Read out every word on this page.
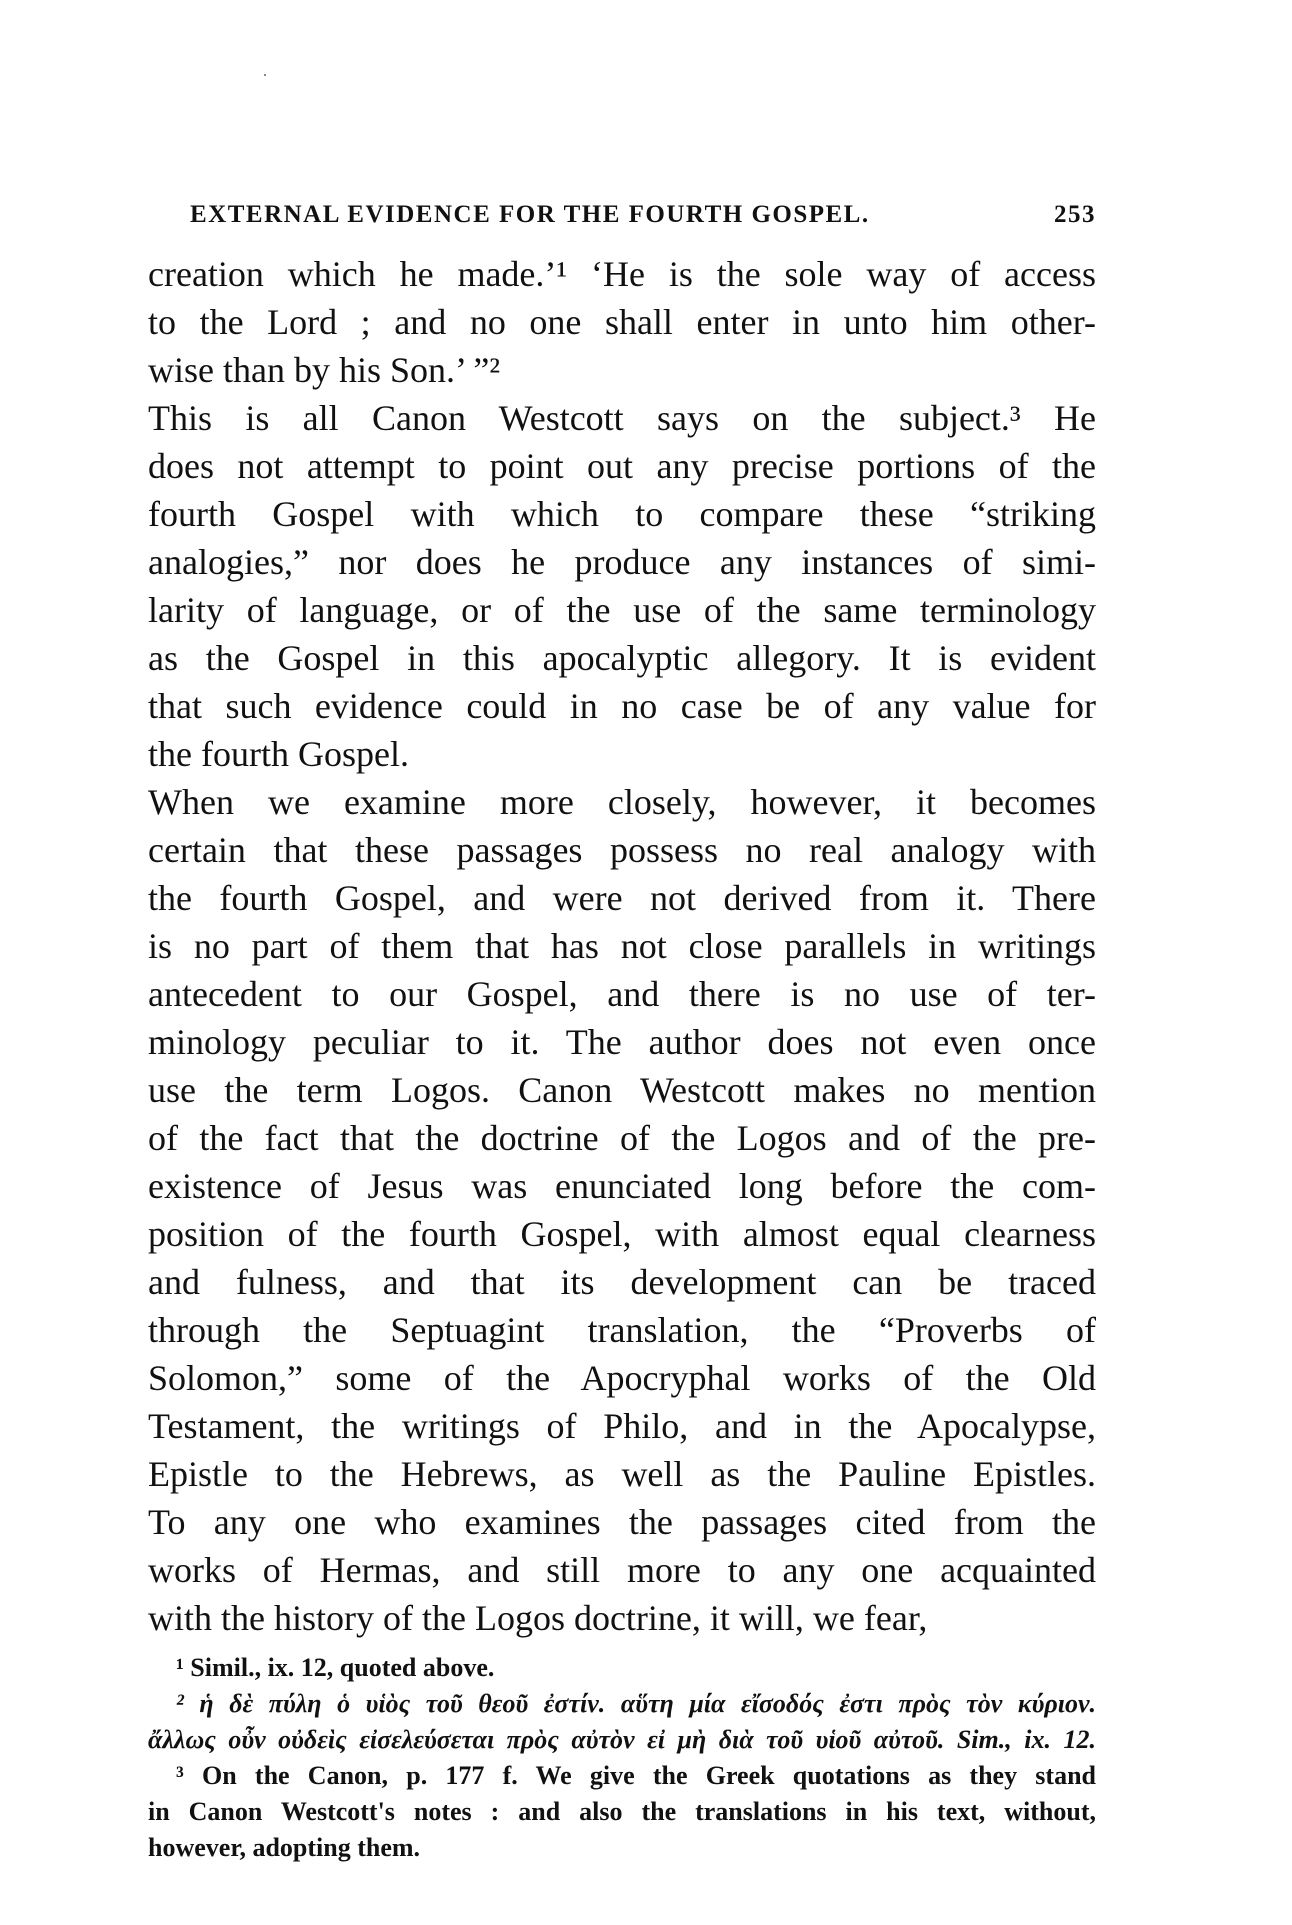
EXTERNAL EVIDENCE FOR THE FOURTH GOSPEL.	253
creation which he made.’¹ ‘He is the sole way of access
to the Lord ; and no one shall enter in unto him other-
wise than by his Son.’ ”²
This is all Canon Westcott says on the subject.³ He
does not attempt to point out any precise portions of the
fourth Gospel with which to compare these “striking
analogies,” nor does he produce any instances of simi-
larity of language, or of the use of the same terminology
as the Gospel in this apocalyptic allegory. It is evident
that such evidence could in no case be of any value for
the fourth Gospel.
When we examine more closely, however, it becomes
certain that these passages possess no real analogy with
the fourth Gospel, and were not derived from it. There
is no part of them that has not close parallels in writings
antecedent to our Gospel, and there is no use of ter-
minology peculiar to it. The author does not even once
use the term Logos. Canon Westcott makes no mention
of the fact that the doctrine of the Logos and of the pre-
existence of Jesus was enunciated long before the com-
position of the fourth Gospel, with almost equal clearness
and fulness, and that its development can be traced
through the Septuagint translation, the “Proverbs of
Solomon,” some of the Apocryphal works of the Old
Testament, the writings of Philo, and in the Apocalypse,
Epistle to the Hebrews, as well as the Pauline Epistles.
To any one who examines the passages cited from the
works of Hermas, and still more to any one acquainted
with the history of the Logos doctrine, it will, we fear,
¹ Simil., ix. 12, quoted above.
² ἡ δὲ πύλη ὁ υἱὸς τοῦ θεοῦ ἐστίν. αὕτη μία εἴσοδός ἐστι πρὸς τὸν κύριον.
ἄλλως οὖν οὐδεὶς εἰσελεύσεται πρὸς αὐτὸν εἰ μὴ διὰ τοῦ υἱοῦ αὐτοῦ. Sim., ix. 12.
³ On the Canon, p. 177 f. We give the Greek quotations as they stand
in Canon Westcott's notes : and also the translations in his text, without,
however, adopting them.
